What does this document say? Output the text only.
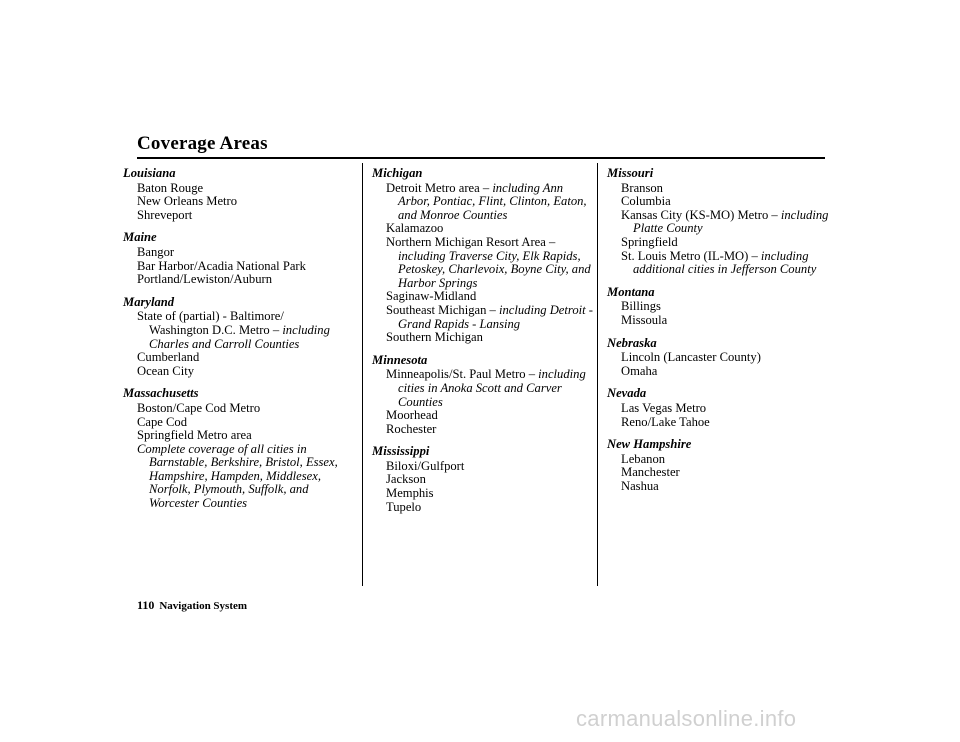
Coverage Areas
Louisiana
Baton Rouge
New Orleans Metro
Shreveport
Maine
Bangor
Bar Harbor/Acadia National Park
Portland/Lewiston/Auburn
Maryland
State of (partial) - Baltimore/ Washington D.C. Metro – including Charles and Carroll Counties
Cumberland
Ocean City
Massachusetts
Boston/Cape Cod Metro
Cape Cod
Springfield Metro area
Complete coverage of all cities in Barnstable, Berkshire, Bristol, Essex, Hampshire, Hampden, Middlesex, Norfolk, Plymouth, Suffolk, and Worcester Counties
Michigan
Detroit Metro area – including Ann Arbor, Pontiac, Flint, Clinton, Eaton, and Monroe Counties
Kalamazoo
Northern Michigan Resort Area – including Traverse City, Elk Rapids, Petoskey, Charlevoix, Boyne City, and Harbor Springs
Saginaw-Midland
Southeast Michigan – including Detroit - Grand Rapids - Lansing
Southern Michigan
Minnesota
Minneapolis/St. Paul Metro – including cities in Anoka Scott and Carver Counties
Moorhead
Rochester
Mississippi
Biloxi/Gulfport
Jackson
Memphis
Tupelo
Missouri
Branson
Columbia
Kansas City (KS-MO) Metro – including Platte County
Springfield
St. Louis Metro (IL-MO) – including additional cities in Jefferson County
Montana
Billings
Missoula
Nebraska
Lincoln (Lancaster County)
Omaha
Nevada
Las Vegas Metro
Reno/Lake Tahoe
New Hampshire
Lebanon
Manchester
Nashua
110 Navigation System
carmanualsonline.info
